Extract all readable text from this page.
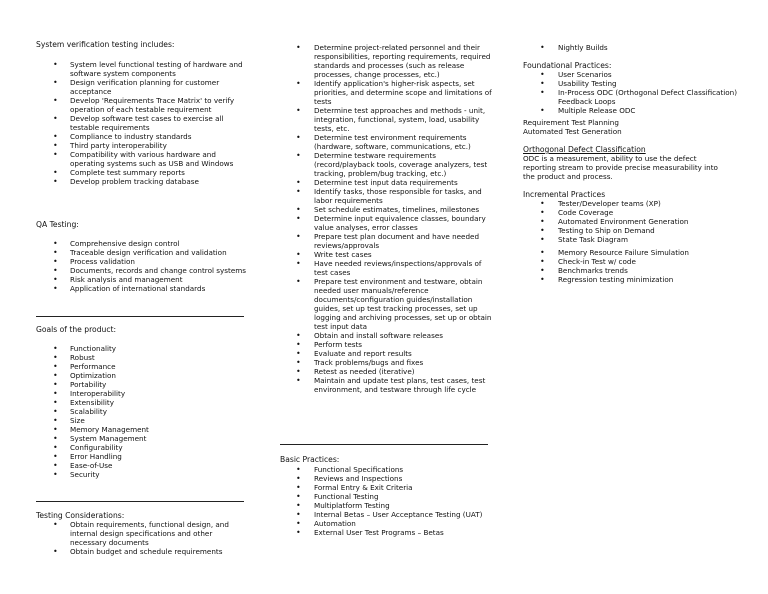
System verification testing includes:
• System level functional testing of hardware and software system components
• Design verification planning for customer acceptance
• Develop 'Requirements Trace Matrix' to verify operation of each testable requirement
• Develop software test cases to exercise all testable requirements
• Compliance to industry standards
• Third party interoperability
• Compatibility with various hardware and operating systems such as USB and Windows
• Complete test summary reports
• Develop problem tracking database
QA Testing:
• Comprehensive design control
• Traceable design verification and validation
• Process validation
• Documents, records and change control systems
• Risk analysis and management
• Application of international standards
Goals of the product:
• Functionality
• Robust
• Performance
• Optimization
• Portability
• Interoperability
• Extensibility
• Scalability
• Size
• Memory Management
• System Management
• Configurability
• Error Handling
• Ease-of-Use
• Security
Testing Considerations:
• Obtain requirements, functional design, and internal design specifications and other necessary documents
• Obtain budget and schedule requirements
• Determine project-related personnel and their responsibilities, reporting requirements, required standards and processes (such as release processes, change processes, etc.)
• Identify application's higher-risk aspects, set priorities, and determine scope and limitations of tests
• Determine test approaches and methods - unit, integration, functional, system, load, usability tests, etc.
• Determine test environment requirements (hardware, software, communications, etc.)
• Determine testware requirements (record/playback tools, coverage analyzers, test tracking, problem/bug tracking, etc.)
• Determine test input data requirements
• Identify tasks, those responsible for tasks, and labor requirements
• Set schedule estimates, timelines, milestones
• Determine input equivalence classes, boundary value analyses, error classes
• Prepare test plan document and have needed reviews/approvals
• Write test cases
• Have needed reviews/inspections/approvals of test cases
• Prepare test environment and testware, obtain needed user manuals/reference documents/configuration guides/installation guides, set up test tracking processes, set up logging and archiving processes, set up or obtain test input data
• Obtain and install software releases
• Perform tests
• Evaluate and report results
• Track problems/bugs and fixes
• Retest as needed (iterative)
• Maintain and update test plans, test cases, test environment, and testware through life cycle
Basic Practices:
• Functional Specifications
• Reviews and Inspections
• Formal Entry & Exit Criteria
• Functional Testing
• Multiplatform Testing
• Internal Betas – User Acceptance Testing (UAT)
• Automation
• External User Test Programs – Betas
• Nightly Builds
Foundational Practices:
• User Scenarios
• Usability Testing
• In-Process ODC (Orthogonal Defect Classification) Feedback Loops
• Multiple Release ODC
Requirement Test Planning
Automated Test Generation
Orthogonal Defect Classification
ODC is a measurement, ability to use the defect reporting stream to provide precise measurability into the product and process.
Incremental Practices
• Tester/Developer teams (XP)
• Code Coverage
• Automated Environment Generation
• Testing to Ship on Demand
• State Task Diagram
• Memory Resource Failure Simulation
• Check-in Test w/ code
• Benchmarks trends
• Regression testing minimization
